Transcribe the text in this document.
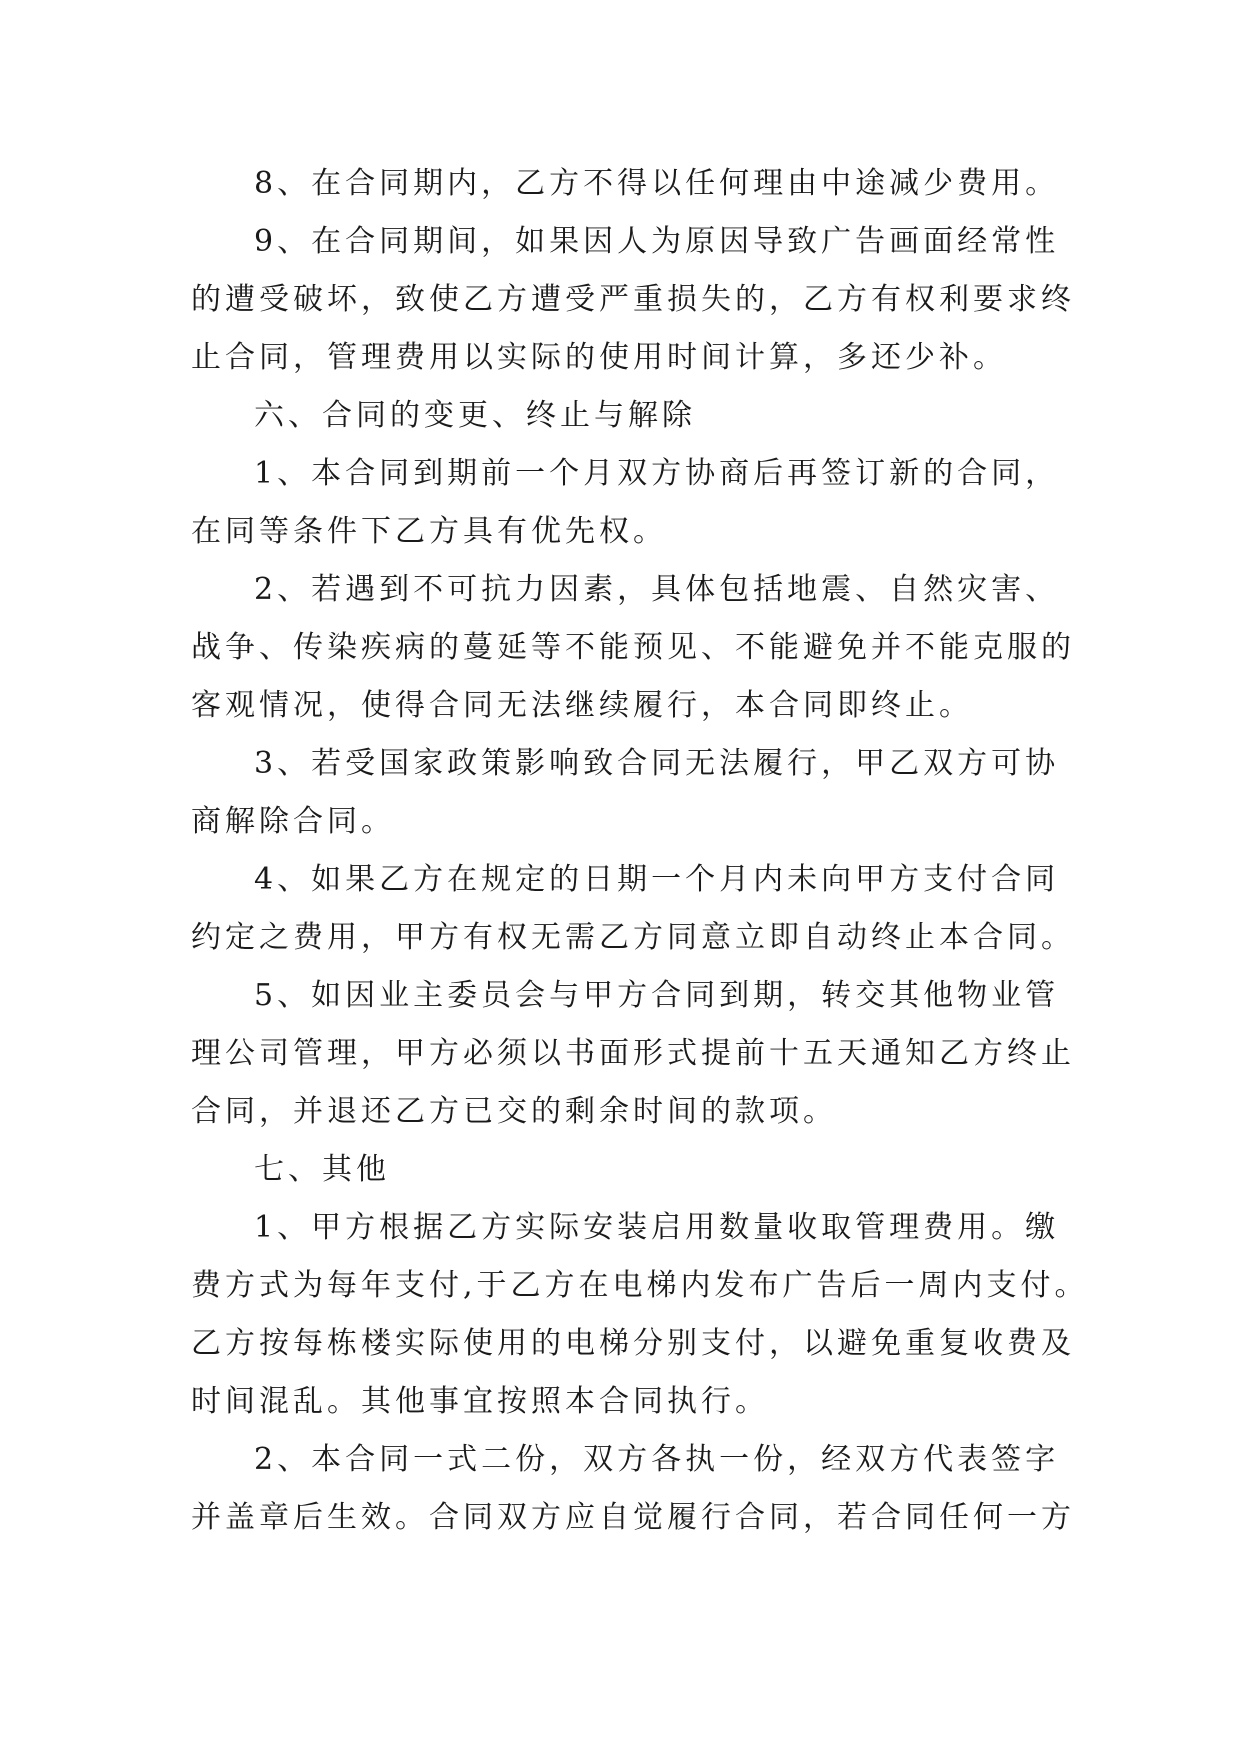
8、在合同期内，乙方不得以任何理由中途减少费用。
9、在合同期间，如果因人为原因导致广告画面经常性
的遭受破坏，致使乙方遭受严重损失的，乙方有权利要求终
止合同，管理费用以实际的使用时间计算，多还少补。
六、合同的变更、终止与解除
1、本合同到期前一个月双方协商后再签订新的合同，
在同等条件下乙方具有优先权。
2、若遇到不可抗力因素，具体包括地震、自然灾害、
战争、传染疾病的蔓延等不能预见、不能避免并不能克服的
客观情况，使得合同无法继续履行，本合同即终止。
3、若受国家政策影响致合同无法履行，甲乙双方可协
商解除合同。
4、如果乙方在规定的日期一个月内未向甲方支付合同
约定之费用，甲方有权无需乙方同意立即自动终止本合同。
5、如因业主委员会与甲方合同到期，转交其他物业管
理公司管理，甲方必须以书面形式提前十五天通知乙方终止
合同，并退还乙方已交的剩余时间的款项。
七、其他
1、甲方根据乙方实际安装启用数量收取管理费用。缴
费方式为每年支付,于乙方在电梯内发布广告后一周内支付。
乙方按每栋楼实际使用的电梯分别支付，以避免重复收费及
时间混乱。其他事宜按照本合同执行。
2、本合同一式二份，双方各执一份，经双方代表签字
并盖章后生效。合同双方应自觉履行合同，若合同任何一方
